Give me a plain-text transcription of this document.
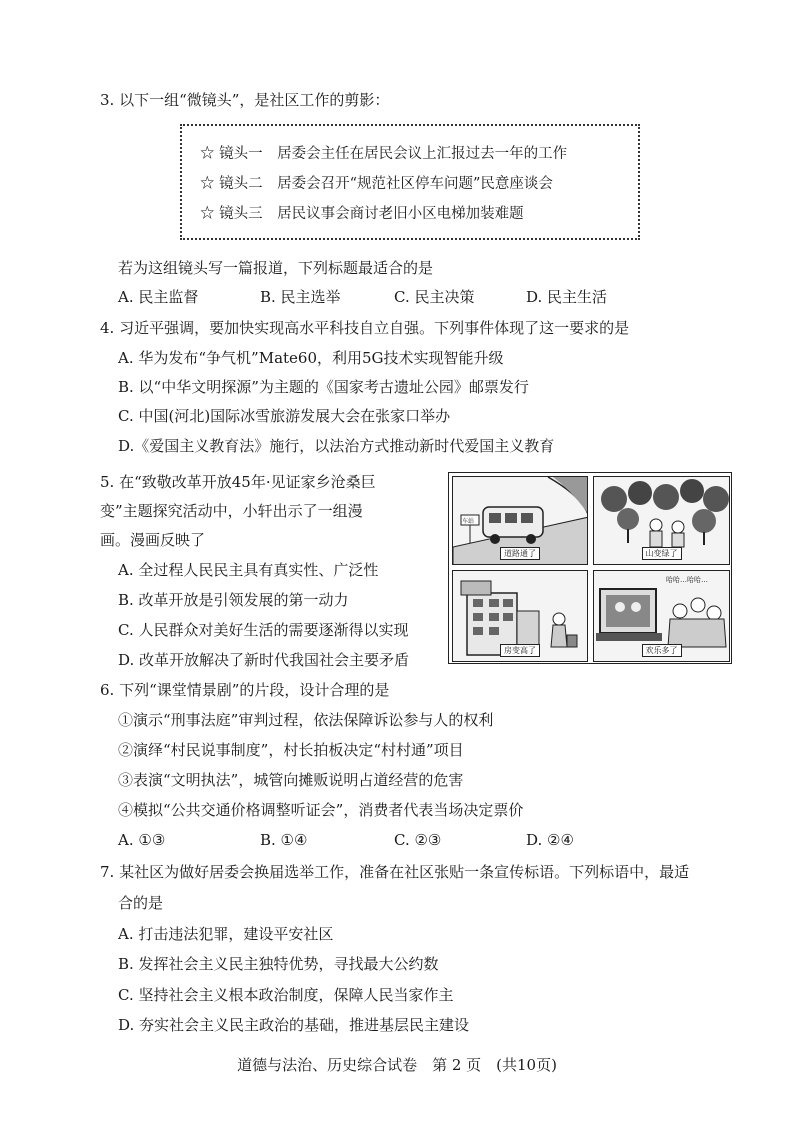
3. 以下一组“微镜头”，是社区工作的剪影：
☆ 镜头一　居委会主任在居民会议上汇报过去一年的工作
☆ 镜头二　居委会召开“规范社区停车问题”民意座谈会
☆ 镜头三　居民议事会商讨老旧小区电梯加装难题
若为这组镜头写一篇报道，下列标题最适合的是
A. 民主监督	B. 民主选举	C. 民主决策	D. 民主生活
4. 习近平强调，要加快实现高水平科技自立自强。下列事件体现了这一要求的是
A. 华为发布“争气机”Mate60，利用5G技术实现智能升级
B. 以“中华文明探源”为主题的《国家考古遗址公园》邮票发行
C. 中国(河北)国际冰雪旅游发展大会在张家口举办
D.《爱国主义教育法》施行，以法治方式推动新时代爱国主义教育
5. 在“致敬改革开放45年·见证家乡沧桑巨
变”主题探究活动中，小轩出示了一组漫
画。漫画反映了
A. 全过程人民民主具有真实性、广泛性
B. 改革开放是引领发展的第一动力
C. 人民群众对美好生活的需要逐渐得以实现
D. 改革开放解决了新时代我国社会主要矛盾
车站
道路通了	山变绿了
房变高了
哈哈…哈哈…
欢乐多了
6. 下列“课堂情景剧”的片段，设计合理的是
①演示“刑事法庭”审判过程，依法保障诉讼参与人的权利
②演绎“村民说事制度”，村长拍板决定“村村通”项目
③表演“文明执法”，城管向摊贩说明占道经营的危害
④模拟“公共交通价格调整听证会”，消费者代表当场决定票价
A. ①③	B. ①④	C. ②③	D. ②④
7. 某社区为做好居委会换届选举工作，准备在社区张贴一条宣传标语。下列标语中，最适
合的是
A. 打击违法犯罪，建设平安社区
B. 发挥社会主义民主独特优势，寻找最大公约数
C. 坚持社会主义根本政治制度，保障人民当家作主
D. 夯实社会主义民主政治的基础，推进基层民主建设
道德与法治、历史综合试卷　第 2 页　(共10页)
